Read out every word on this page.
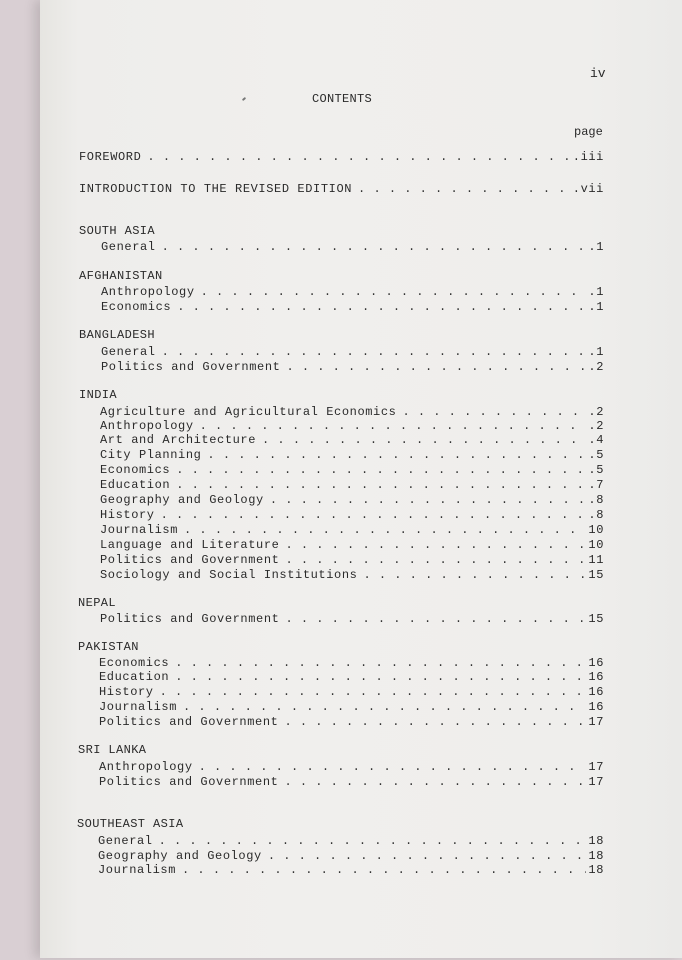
iv
CONTENTS
page
FOREWORD . . .	.iii
INTRODUCTION TO THE REVISED EDITION . . .	.vii
SOUTH ASIA
General . . .	.1
AFGHANISTAN
Anthropology . . .	.1
Economics . . .	.1
BANGLADESH
General . . .	.1
Politics and Government . . .	.2
INDIA
Agriculture and Agricultural Economics . . .	.2
Anthropology . . .	.2
Art and Architecture . . .	.4
City Planning . . .	.5
Economics . . .	.5
Education . . .	.7
Geography and Geology . . .	.8
History . . .	.8
Journalism . . .	10
Language and Literature . . .	10
Politics and Government . . .	11
Sociology and Social Institutions . . .	15
NEPAL
Politics and Government . . .	15
PAKISTAN
Economics . . .	16
Education . . .	16
History . . .	16
Journalism . . .	16
Politics and Government . . .	17
SRI LANKA
Anthropology . . .	17
Politics and Government . . .	17
SOUTHEAST ASIA
General . . .	18
Geography and Geology . . .	18
Journalism . . .	18
